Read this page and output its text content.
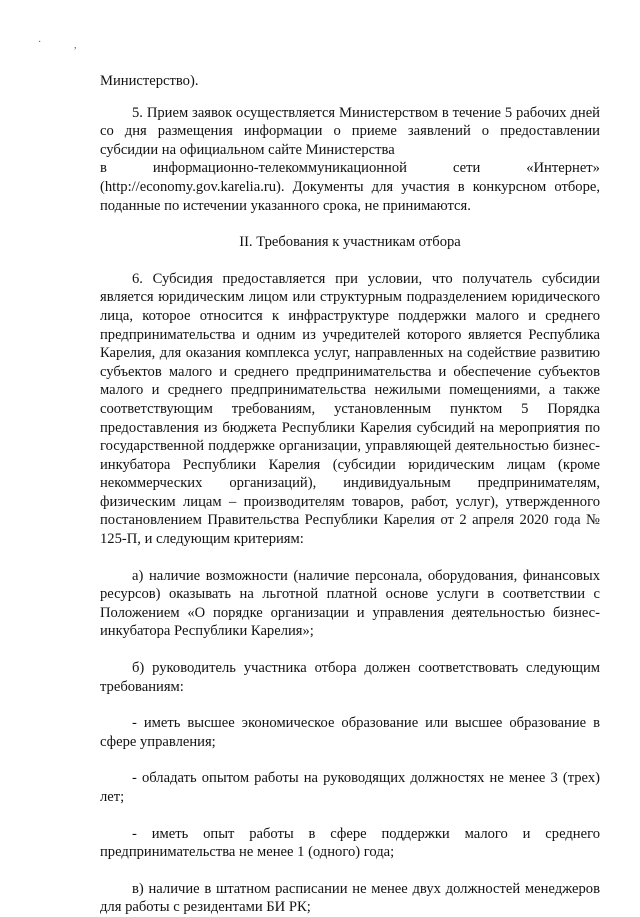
·	,

Министерство).

5. Прием заявок осуществляется Министерством в течение 5 рабочих дней со дня размещения информации о приеме заявлений о предоставлении субсидии на официальном сайте Министерства

в	информационно-телекоммуникационной	сети	«Интернет»

(http://economy.gov.karelia.ru). Документы для участия в конкурсном отборе, поданные по истечении указанного срока, не принимаются.

II. Требования к участникам отбора

6. Субсидия предоставляется при условии, что получатель субсидии является юридическим лицом или структурным подразделением юридического лица, которое относится к инфраструктуре поддержки малого и среднего предпринимательства и одним из учредителей которого является Республика Карелия, для оказания комплекса услуг, направленных на содействие развитию субъектов малого и среднего предпринимательства и обеспечение субъектов малого и среднего предпринимательства нежилыми помещениями, а также соответствующим требованиям, установленным пунктом 5 Порядка предоставления из бюджета Республики Карелия субсидий на мероприятия по государственной поддержке организации, управляющей деятельностью бизнес-инкубатора Республики Карелия (субсидии юридическим лицам (кроме некоммерческих организаций), индивидуальным предпринимателям, физическим лицам – производителям товаров, работ, услуг), утвержденного постановлением Правительства Республики Карелия от 2 апреля 2020 года № 125-П, и следующим критериям:

а) наличие возможности (наличие персонала, оборудования, финансовых ресурсов) оказывать на льготной платной основе услуги в соответствии с Положением «О порядке организации и управления деятельностью бизнес-инкубатора Республики Карелия»;

б) руководитель участника отбора должен соответствовать следующим требованиям:

- иметь высшее экономическое образование или высшее образование в сфере управления;

- обладать опытом работы на руководящих должностях не менее 3 (трех) лет;

- иметь опыт работы в сфере поддержки малого и среднего предпринимательства не менее 1 (одного) года;

в) наличие в штатном расписании не менее двух должностей менеджеров для работы с резидентами БИ РК;
